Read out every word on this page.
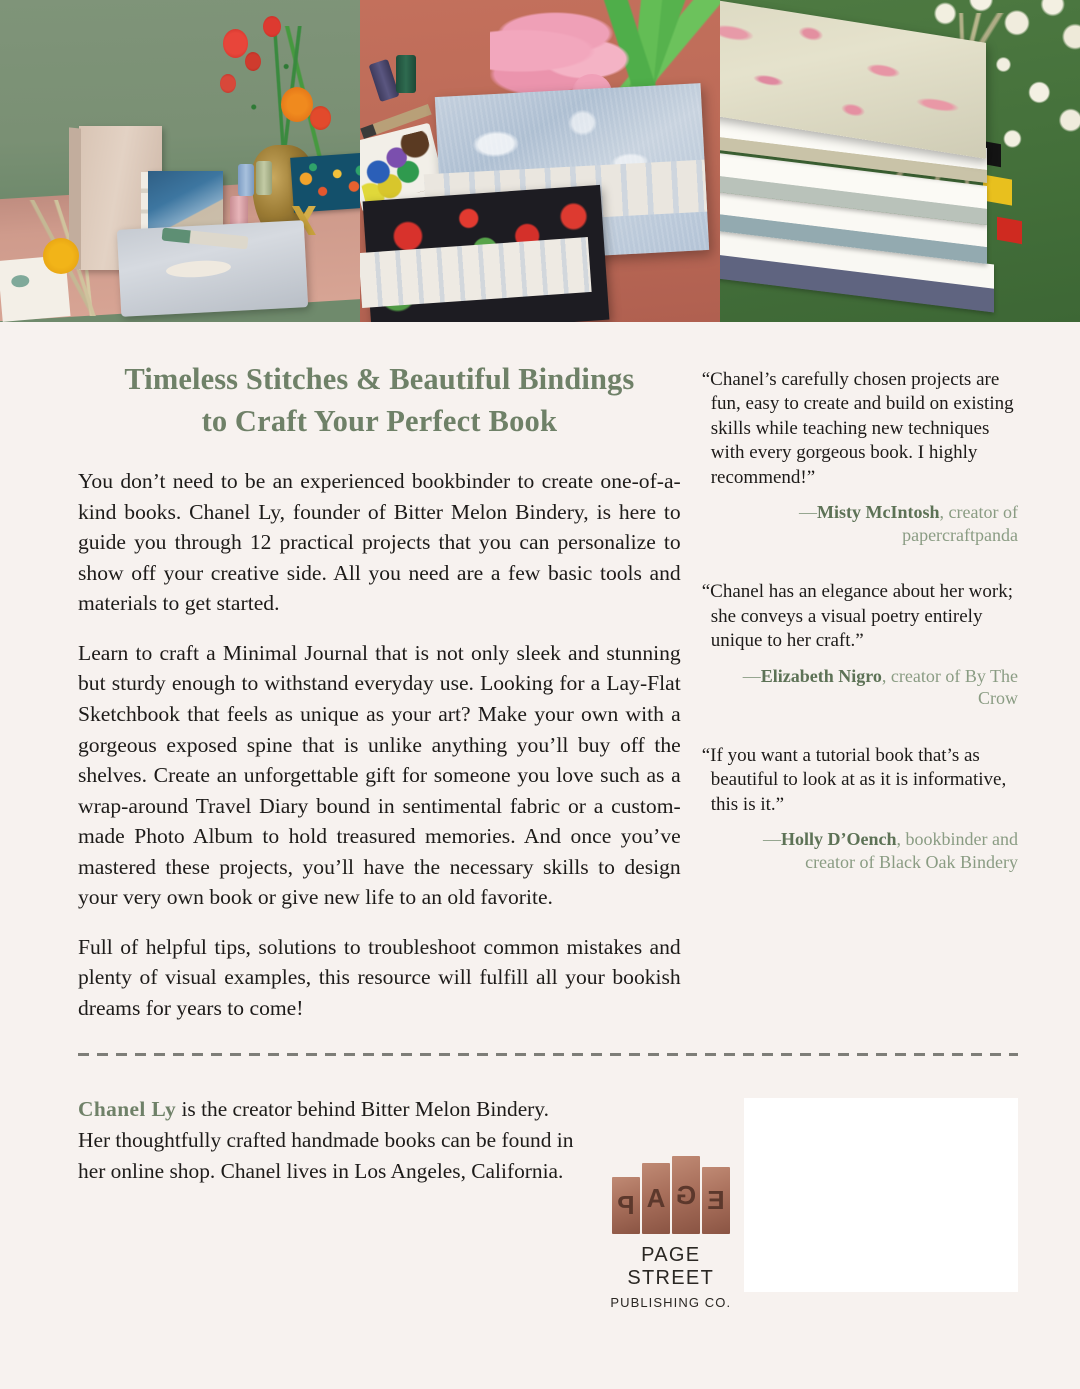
Timeless Stitches & Beautiful Bindings
to Craft Your Perfect Book

You don’t need to be an experienced bookbinder to create one-of-a-kind books. Chanel Ly, founder of Bitter Melon Bindery, is here to guide you through 12 practical projects that you can personalize to show off your creative side. All you need are a few basic tools and materials to get started.

Learn to craft a Minimal Journal that is not only sleek and stunning but sturdy enough to withstand everyday use. Looking for a Lay-Flat Sketchbook that feels as unique as your art? Make your own with a gorgeous exposed spine that is unlike anything you’ll buy off the shelves. Create an unforgettable gift for someone you love such as a wrap-around Travel Diary bound in sentimental fabric or a custom-made Photo Album to hold treasured memories. And once you’ve mastered these projects, you’ll have the necessary skills to design your very own book or give new life to an old favorite.

Full of helpful tips, solutions to troubleshoot common mistakes and plenty of visual examples, this resource will fulfill all your bookish dreams for years to come!

“Chanel’s carefully chosen projects are fun, easy to create and build on existing skills while teaching new techniques with every gorgeous book. I highly recommend!”
—Misty McIntosh, creator of papercraftpanda
“Chanel has an elegance about her work; she conveys a visual poetry entirely unique to her craft.”
—Elizabeth Nigro, creator of By The Crow
“If you want a tutorial book that’s as beautiful to look at as it is informative, this is it.”
—Holly D’Oench, bookbinder and creator of Black Oak Bindery
Chanel Ly is the creator behind Bitter Melon Bindery. Her thoughtfully crafted handmade books can be found in her online shop. Chanel lives in Los Angeles, California.
P A G E
PAGE STREET
PUBLISHING CO.
